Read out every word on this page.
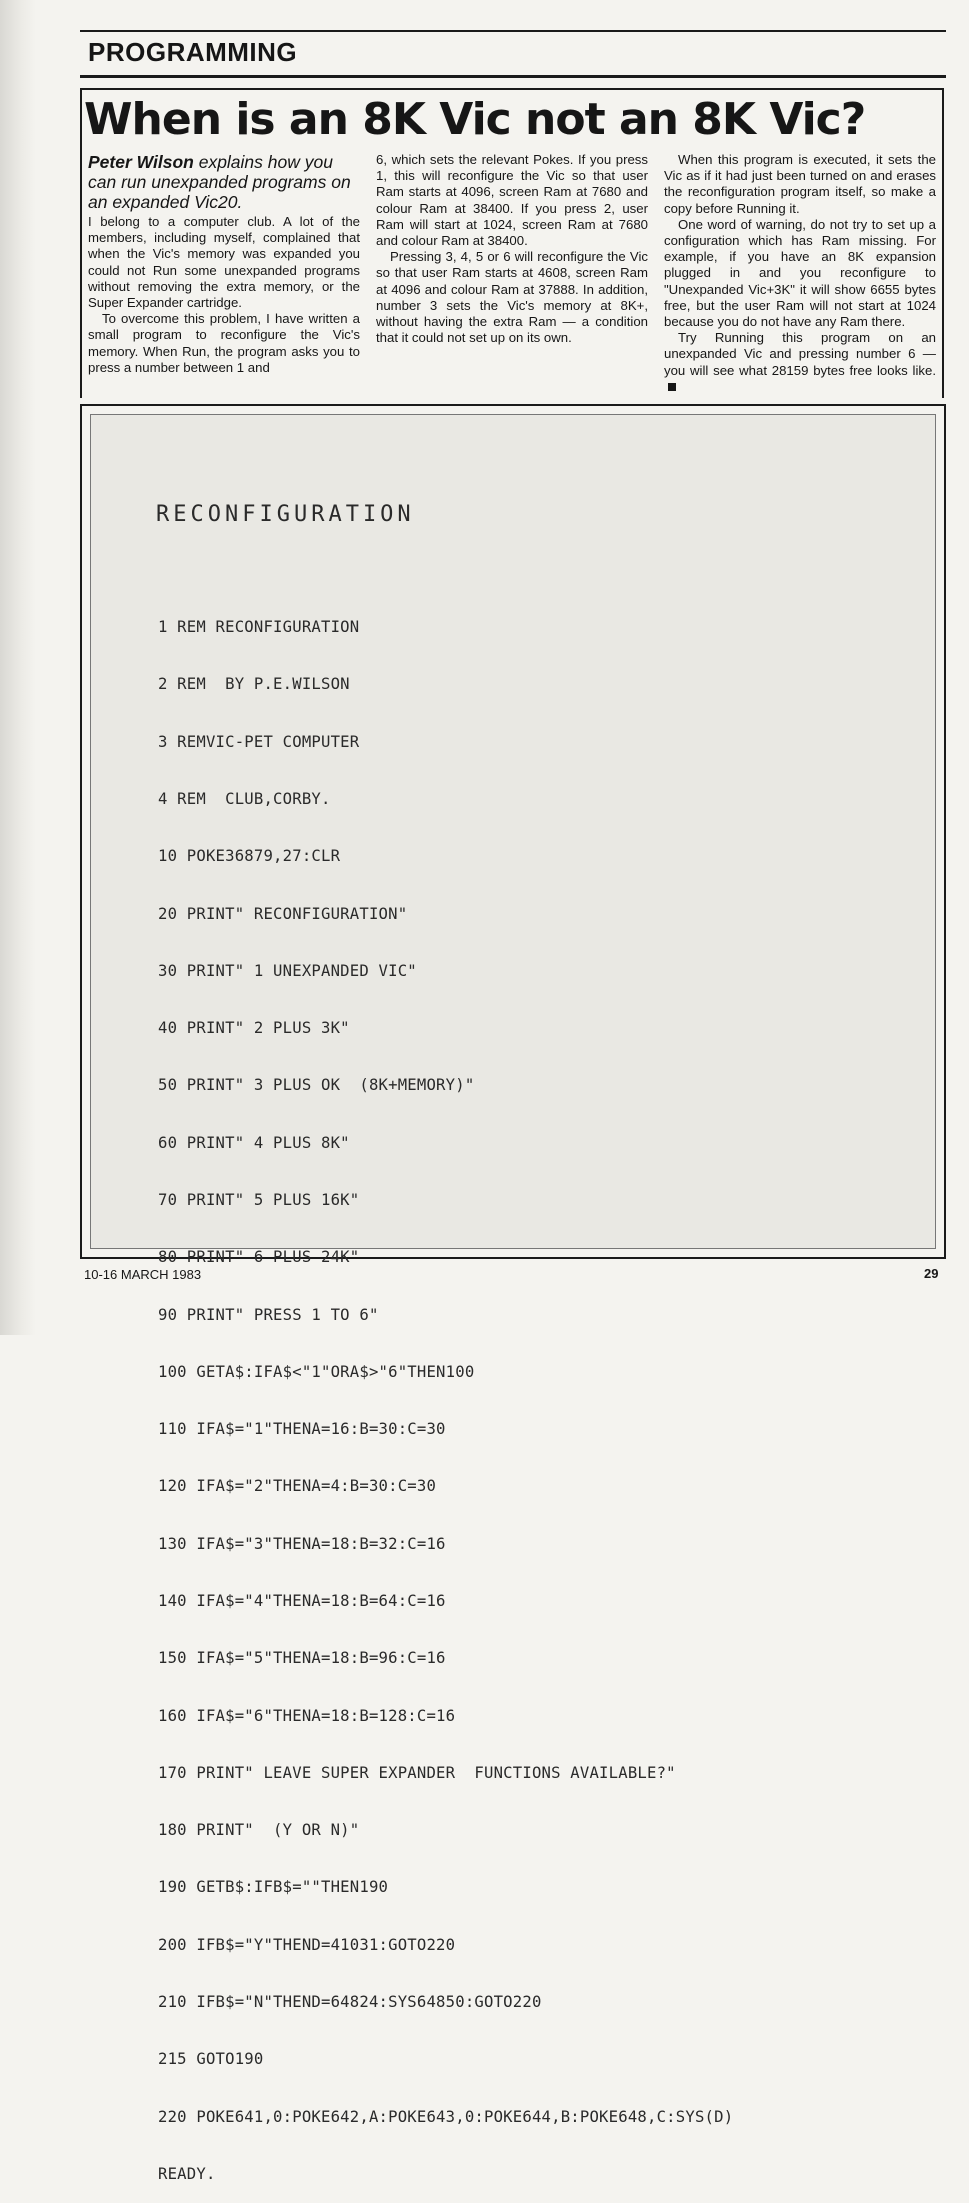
PROGRAMMING
When is an 8K Vic not an 8K Vic?
Peter Wilson explains how you can run unexpanded programs on an expanded Vic20.

I belong to a computer club. A lot of the members, including myself, complained that when the Vic's memory was expanded you could not Run some unexpanded programs without removing the extra memory, or the Super Expander cartridge.

To overcome this problem, I have written a small program to reconfigure the Vic's memory. When Run, the program asks you to press a number between 1 and

6, which sets the relevant Pokes. If you press 1, this will reconfigure the Vic so that user Ram starts at 4096, screen Ram at 7680 and colour Ram at 38400. If you press 2, user Ram will start at 1024, screen Ram at 7680 and colour Ram at 38400.

Pressing 3, 4, 5 or 6 will reconfigure the Vic so that user Ram starts at 4608, screen Ram at 4096 and colour Ram at 37888. In addition, number 3 sets the Vic's memory at 8K+, without having the extra Ram — a condition that it could not set up on its own.

When this program is executed, it sets the Vic as if it had just been turned on and erases the reconfiguration program itself, so make a copy before Running it.

One word of warning, do not try to set up a configuration which has Ram missing. For example, if you have an 8K expansion plugged in and you reconfigure to "Unexpanded Vic+3K" it will show 6655 bytes free, but the user Ram will not start at 1024 because you do not have any Ram there.

Try Running this program on an unexpanded Vic and pressing number 6 — you will see what 28159 bytes free looks like.

RECONFIGURATION

1 REM RECONFIGURATION

2 REM  BY P.E.WILSON

3 REMVIC-PET COMPUTER

4 REM  CLUB,CORBY.

10 POKE36879,27:CLR

20 PRINT" RECONFIGURATION"

30 PRINT" 1 UNEXPANDED VIC"

40 PRINT" 2 PLUS 3K"

50 PRINT" 3 PLUS OK  (8K+MEMORY)"

60 PRINT" 4 PLUS 8K"

70 PRINT" 5 PLUS 16K"

80 PRINT" 6 PLUS 24K"

90 PRINT" PRESS 1 TO 6"

100 GETA$:IFA$<"1"ORA$>"6"THEN100

110 IFA$="1"THENA=16:B=30:C=30

120 IFA$="2"THENA=4:B=30:C=30

130 IFA$="3"THENA=18:B=32:C=16

140 IFA$="4"THENA=18:B=64:C=16

150 IFA$="5"THENA=18:B=96:C=16

160 IFA$="6"THENA=18:B=128:C=16

170 PRINT" LEAVE SUPER EXPANDER  FUNCTIONS AVAILABLE?"

180 PRINT"  (Y OR N)"

190 GETB$:IFB$=""THEN190

200 IFB$="Y"THEND=41031:GOTO220

210 IFB$="N"THEND=64824:SYS64850:GOTO220

215 GOTO190

220 POKE641,0:POKE642,A:POKE643,0:POKE644,B:POKE648,C:SYS(D)

READY.

10-16 MARCH 1983	29
